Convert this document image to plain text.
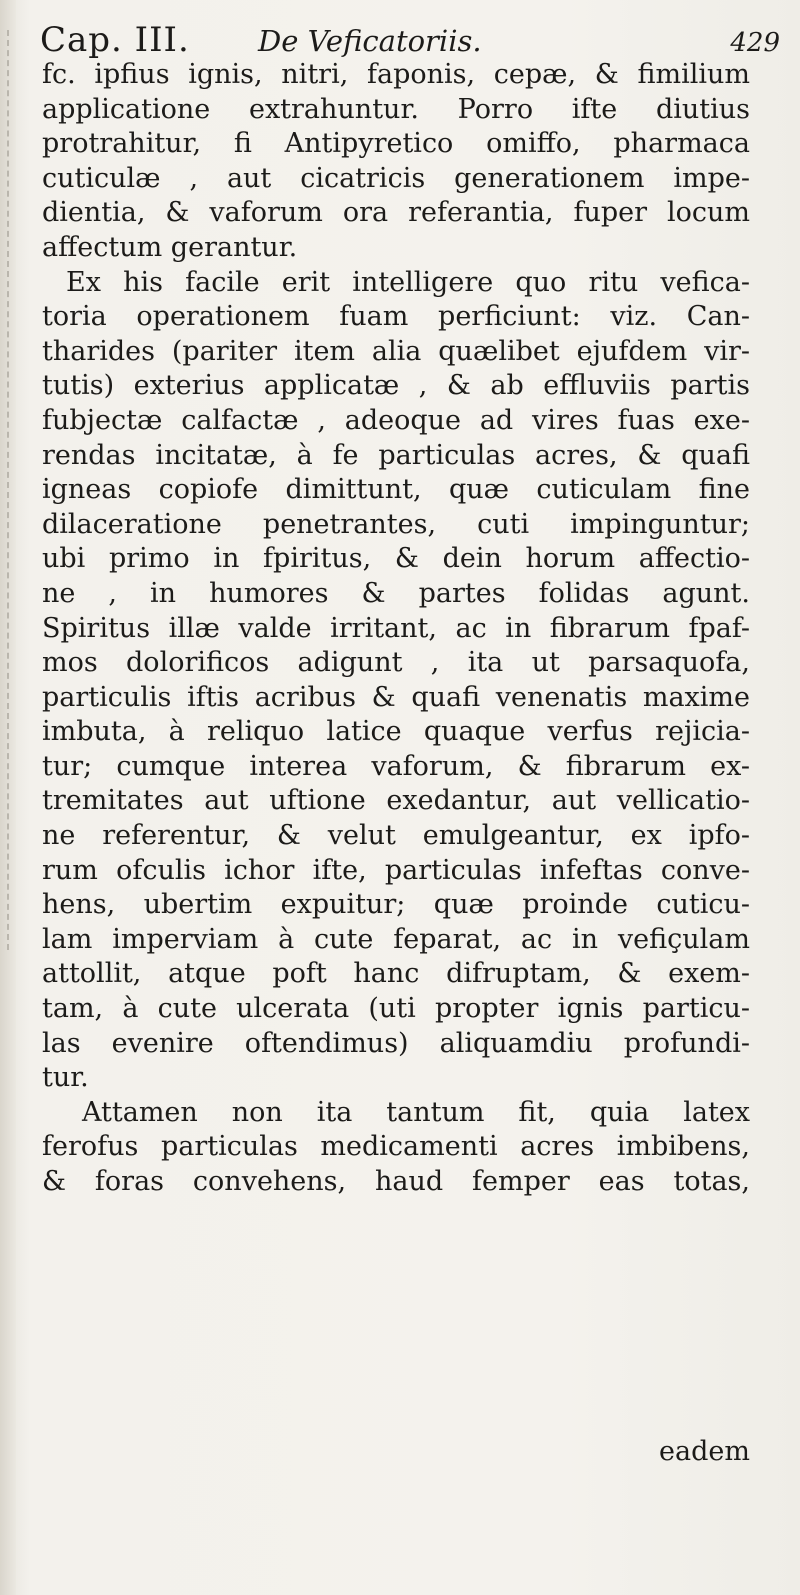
Cap. III. De Veficatoriis.	429
fc. ipfius ignis, nitri, faponis, cepæ, & fimilium
applicatione extrahuntur. Porro ifte diutius
protrahitur, fi Antipyretico omiffo, pharmaca
cuticulæ , aut cicatricis generationem impe-
dientia, & vaforum ora referantia, fuper locum
affectum gerantur.
Ex his facile erit intelligere quo ritu vefica-
toria operationem fuam perficiunt: viz. Can-
tharides (pariter item alia quælibet ejufdem vir-
tutis) exterius applicatæ , & ab effluviis partis
fubjectæ calfactæ , adeoque ad vires fuas exe-
rendas incitatæ, à fe particulas acres, & quafi
igneas copiofe dimittunt, quæ cuticulam fine
dilaceratione penetrantes, cuti impinguntur;
ubi primo in fpiritus, & dein horum affectio-
ne , in humores & partes folidas agunt.
Spiritus illæ valde irritant, ac in fibrarum fpaf-
mos dolorificos adigunt , ita ut parsaquofa,
particulis iftis acribus & quafi venenatis maxime
imbuta, à reliquo latice quaque verfus rejicia-
tur; cumque interea vaforum, & fibrarum ex-
tremitates aut uftione exedantur, aut vellicatio-
ne referentur, & velut emulgeantur, ex ipfo-
rum ofculis ichor ifte, particulas infeftas conve-
hens, ubertim expuitur; quæ proinde cuticu-
lam imperviam à cute feparat, ac in vefiçulam
attollit, atque poft hanc difruptam, & exem-
tam, à cute ulcerata (uti propter ignis particu-
las evenire oftendimus) aliquamdiu profundi-
tur.
Attamen non ita tantum fit, quia latex
ferofus particulas medicamenti acres imbibens,
& foras convehens, haud femper eas totas,
eadem
